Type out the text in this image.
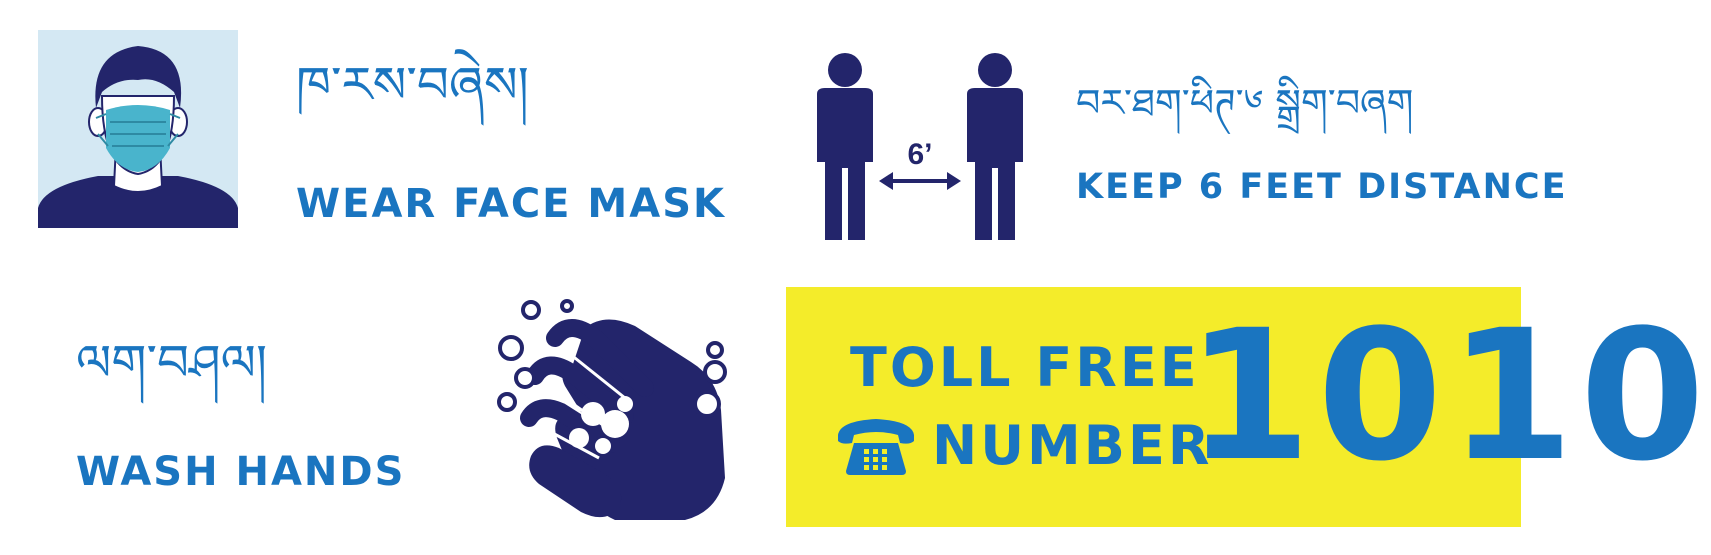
ཁ་རས་བཞེས།
WEAR FACE MASK
6’
བར་ཐག་ཕིཊ་༦ སྒྲིག་བཞག
KEEP 6 FEET DISTANCE
ལག་བཤལ།
WASH HANDS
TOLL FREE
NUMBER
1010
